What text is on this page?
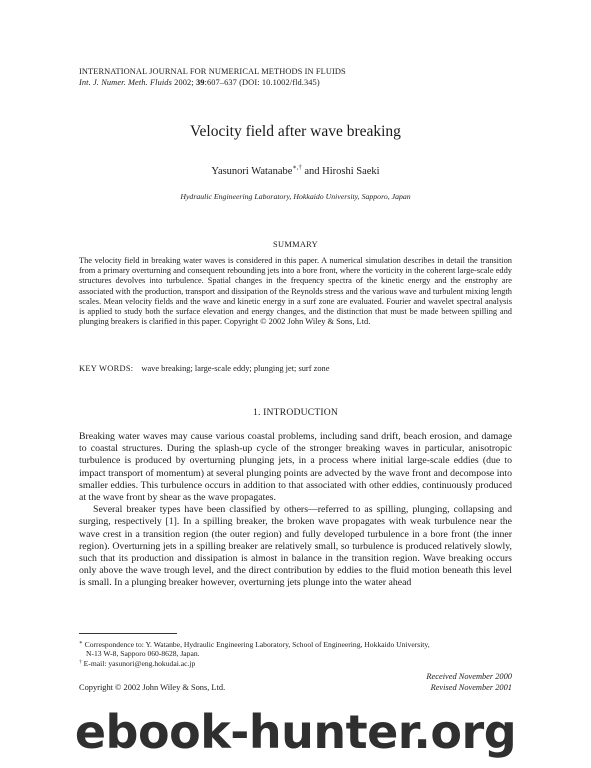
INTERNATIONAL JOURNAL FOR NUMERICAL METHODS IN FLUIDS
Int. J. Numer. Meth. Fluids 2002; 39:607–637 (DOI: 10.1002/fld.345)
Velocity field after wave breaking
Yasunori Watanabe∗,† and Hiroshi Saeki
Hydraulic Engineering Laboratory, Hokkaido University, Sapporo, Japan
SUMMARY
The velocity field in breaking water waves is considered in this paper. A numerical simulation describes in detail the transition from a primary overturning and consequent rebounding jets into a bore front, where the vorticity in the coherent large-scale eddy structures devolves into turbulence. Spatial changes in the frequency spectra of the kinetic energy and the enstrophy are associated with the production, transport and dissipation of the Reynolds stress and the various wave and turbulent mixing length scales. Mean velocity fields and the wave and kinetic energy in a surf zone are evaluated. Fourier and wavelet spectral analysis is applied to study both the surface elevation and energy changes, and the distinction that must be made between spilling and plunging breakers is clarified in this paper. Copyright © 2002 John Wiley & Sons, Ltd.
KEY WORDS: wave breaking; large-scale eddy; plunging jet; surf zone
1. INTRODUCTION

Breaking water waves may cause various coastal problems, including sand drift, beach erosion, and damage to coastal structures. During the splash-up cycle of the stronger breaking waves in particular, anisotropic turbulence is produced by overturning plunging jets, in a process where initial large-scale eddies (due to impact transport of momentum) at several plunging points are advected by the wave front and decompose into smaller eddies. This turbulence occurs in addition to that associated with other eddies, continuously produced at the wave front by shear as the wave propagates.

Several breaker types have been classified by others—referred to as spilling, plunging, collapsing and surging, respectively [1]. In a spilling breaker, the broken wave propagates with weak turbulence near the wave crest in a transition region (the outer region) and fully developed turbulence in a bore front (the inner region). Overturning jets in a spilling breaker are relatively small, so turbulence is produced relatively slowly, such that its production and dissipation is almost in balance in the transition region. Wave breaking occurs only above the wave trough level, and the direct contribution by eddies to the fluid motion beneath this level is small. In a plunging breaker however, overturning jets plunge into the water ahead

∗ Correspondence to: Y. Watanbe, Hydraulic Engineering Laboratory, School of Engineering, Hokkaido University,

N-13 W-8, Sapporo 060-8628, Japan.

† E-mail: yasunori@eng.hokudai.ac.jp

Received November 2000
Revised November 2001
Copyright © 2002 John Wiley & Sons, Ltd.
ebook-hunter.org
